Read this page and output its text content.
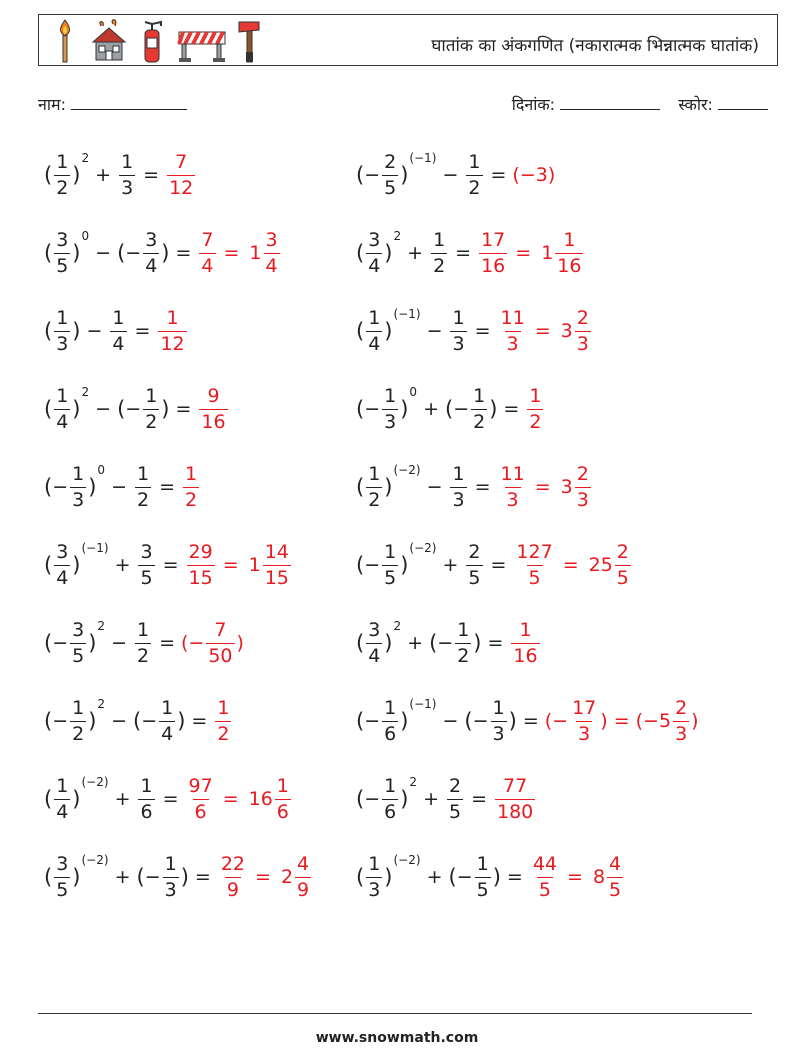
घातांक का अंकगणित (नकारात्मक भिन्नात्मक घातांक)
नाम:	दिनांक:	स्कोर:
( $\frac{1}{2}$ )
2
+ $\frac{1}{3} = \frac{7}{12}$	( − $\frac{2}{5}$ )
(−1)
− $\frac{1}{2} = (-3)$
( $\frac{3}{5}$ )
0
− ( − $\frac{3}{4}$ ) = $\frac{7}{4} = 1 \frac{3}{4}$	( $\frac{3}{4}$ )
2
+ $\frac{1}{2} = \frac{17}{16} = 1 \frac{1}{16}$
( $\frac{1}{3}$ ) − $\frac{1}{4} = \frac{1}{12}$	( $\frac{1}{4}$ )
(−1)
− $\frac{1}{3} = \frac{11}{3} = 3 \frac{2}{3}$
( $\frac{1}{4}$ )
2
− ( − $\frac{1}{2}$ ) = $\frac{9}{16}$	( − $\frac{1}{3}$ )
0
+ ( − $\frac{1}{2}$ ) = $\frac{1}{2}$
( − $\frac{1}{3}$ )
0
− $\frac{1}{2} = \frac{1}{2}$	( $\frac{1}{2}$ )
(−2)
− $\frac{1}{3} = \frac{11}{3} = 3 \frac{2}{3}$
( $\frac{3}{4}$ )
(−1)
+ $\frac{3}{5} = \frac{29}{15} = 1 \frac{14}{15}$	( − $\frac{1}{5}$ )
(−2)
+ $\frac{2}{5} = \frac{127}{5} = 25 \frac{2}{5}$
( − $\frac{3}{5}$ )
2
− $\frac{1}{2}$ = (− $\frac{7}{50}$ )	( $\frac{3}{4}$ )
2
+ ( − $\frac{1}{2}$ ) = $\frac{1}{16}$
( − $\frac{1}{2}$ )
2
− ( − $\frac{1}{4}$ ) = $\frac{1}{2}$	( − $\frac{1}{6}$ )
(−1)
− ( − $\frac{1}{3}$ ) = (− $\frac{17}{3}$ ) = (− $5 \frac{2}{3}$ )
( $\frac{1}{4}$ )
(−2)
+ $\frac{1}{6} = \frac{97}{6} = 16 \frac{1}{6}$	( − $\frac{1}{6}$ )
2
+ $\frac{2}{5} = \frac{77}{180}$
( $\frac{3}{5}$ )
(−2)
+ ( − $\frac{1}{3}$ ) = $\frac{22}{9} = 2 \frac{4}{9}$ ( $\frac{1}{3}$ )
(−2)
+ ( − $\frac{1}{5}$ ) = $\frac{44}{5} = 8 \frac{4}{5}$
www.snowmath.com
